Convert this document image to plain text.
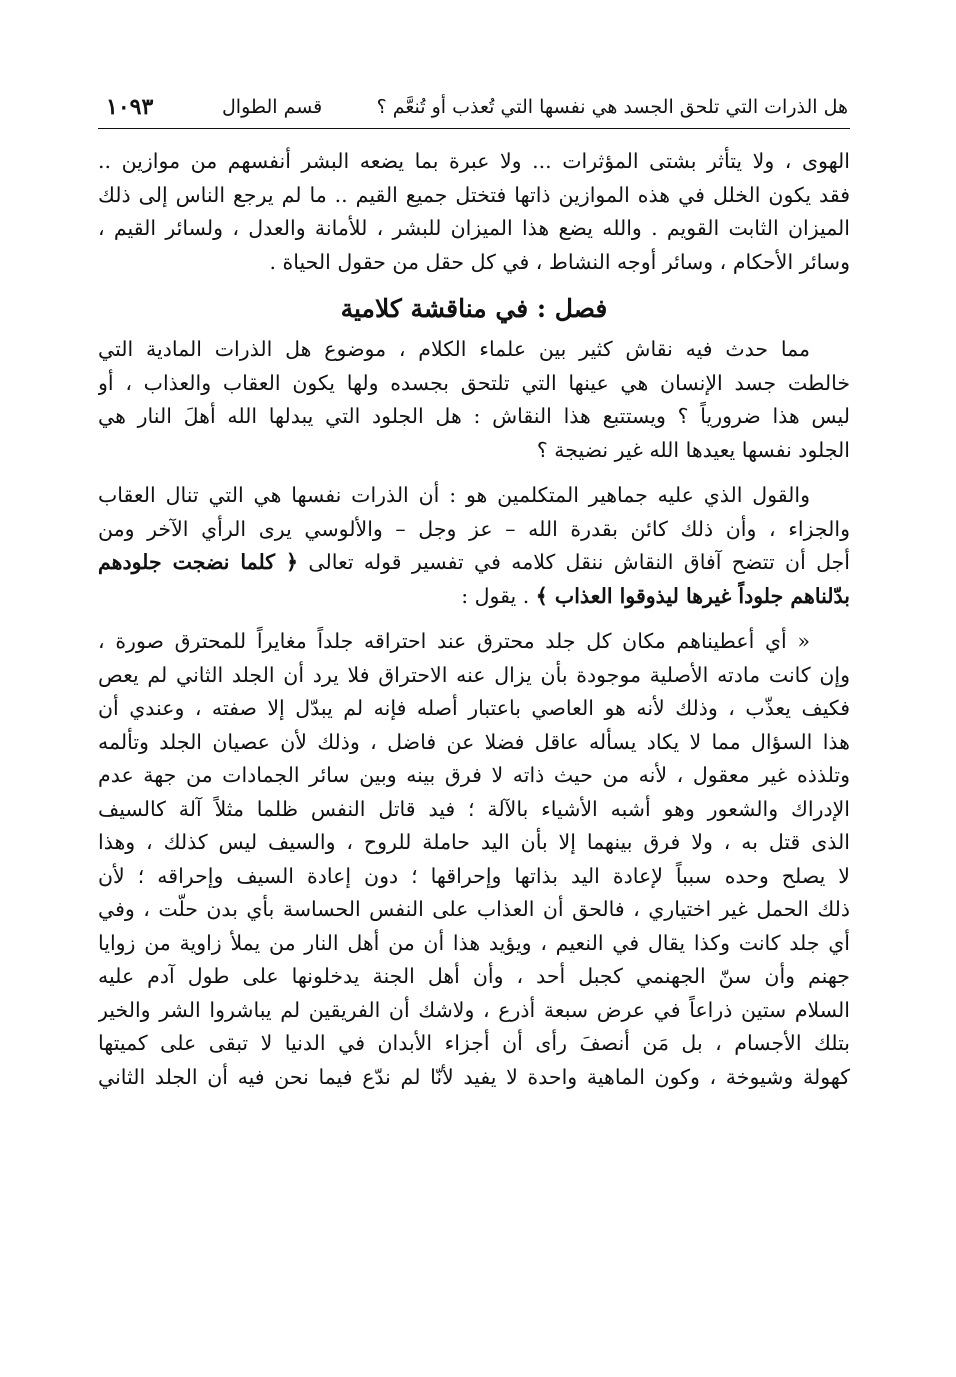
هل الذرات التي تلحق الجسد هي نفسها التي تُعذب أو تُنعَّم ؟
قسم الطوال
١٠٩٣
الهوى ، ولا يتأثر بشتى المؤثرات ... ولا عبرة بما يضعه البشر أنفسهم من موازين ..
فقد يكون الخلل في هذه الموازين ذاتها فتختل جميع القيم .. ما لم يرجع الناس إلى ذلك
الميزان الثابت القويم . والله يضع هذا الميزان للبشر ، للأمانة والعدل ، ولسائر القيم ،
وسائر الأحكام ، وسائر أوجه النشاط ، في كل حقل من حقول الحياة .
فصل : في مناقشة كلامية
مما حدث فيه نقاش كثير بين علماء الكلام ، موضوع هل الذرات المادية التي
خالطت جسد الإنسان هي عينها التي تلتحق بجسده ولها يكون العقاب والعذاب ، أو
ليس هذا ضرورياً ؟ ويستتبع هذا النقاش : هل الجلود التي يبدلها الله أهلَ النار هي
الجلود نفسها يعيدها الله غير نضيجة ؟
والقول الذي عليه جماهير المتكلمين هو : أن الذرات نفسها هي التي تنال العقاب
والجزاء ، وأن ذلك كائن بقدرة الله – عز وجل – والألوسي يرى الرأي الآخر ومن
أجل أن تتضح آفاق النقاش ننقل كلامه في تفسير قوله تعالى ﴿ كلما نضجت جلودهم
بدّلناهم جلوداً غيرها ليذوقوا العذاب ﴾ . يقول :
« أي أعطيناهم مكان كل جلد محترق عند احتراقه جلداً مغايراً للمحترق صورة ،
وإن كانت مادته الأصلية موجودة بأن يزال عنه الاحتراق فلا يرد أن الجلد الثاني لم يعص
فكيف يعذّب ، وذلك لأنه هو العاصي باعتبار أصله فإنه لم يبدّل إلا صفته ، وعندي أن
هذا السؤال مما لا يكاد يسأله عاقل فضلا عن فاضل ، وذلك لأن عصيان الجلد وتألمه
وتلذذه غير معقول ، لأنه من حيث ذاته لا فرق بينه وبين سائر الجمادات من جهة عدم
الإدراك والشعور وهو أشبه الأشياء بالآلة ؛ فيد قاتل النفس ظلما مثلاً آلة كالسيف
الذى قتل به ، ولا فرق بينهما إلا بأن اليد حاملة للروح ، والسيف ليس كذلك ، وهذا
لا يصلح وحده سبباً لإعادة اليد بذاتها وإحراقها ؛ دون إعادة السيف وإحراقه ؛ لأن
ذلك الحمل غير اختياري ، فالحق أن العذاب على النفس الحساسة بأي بدن حلّت ، وفي
أي جلد كانت وكذا يقال في النعيم ، ويؤيد هذا أن من أهل النار من يملأ زاوية من زوايا
جهنم وأن سنّ الجهنمي كجبل أحد ، وأن أهل الجنة يدخلونها على طول آدم عليه
السلام ستين ذراعاً في عرض سبعة أذرع ، ولاشك أن الفريقين لم يباشروا الشر والخير
بتلك الأجسام ، بل مَن أنصفَ رأى أن أجزاء الأبدان في الدنيا لا تبقى على كميتها
كهولة وشيوخة ، وكون الماهية واحدة لا يفيد لأنّا لم ندّع فيما نحن فيه أن الجلد الثاني
